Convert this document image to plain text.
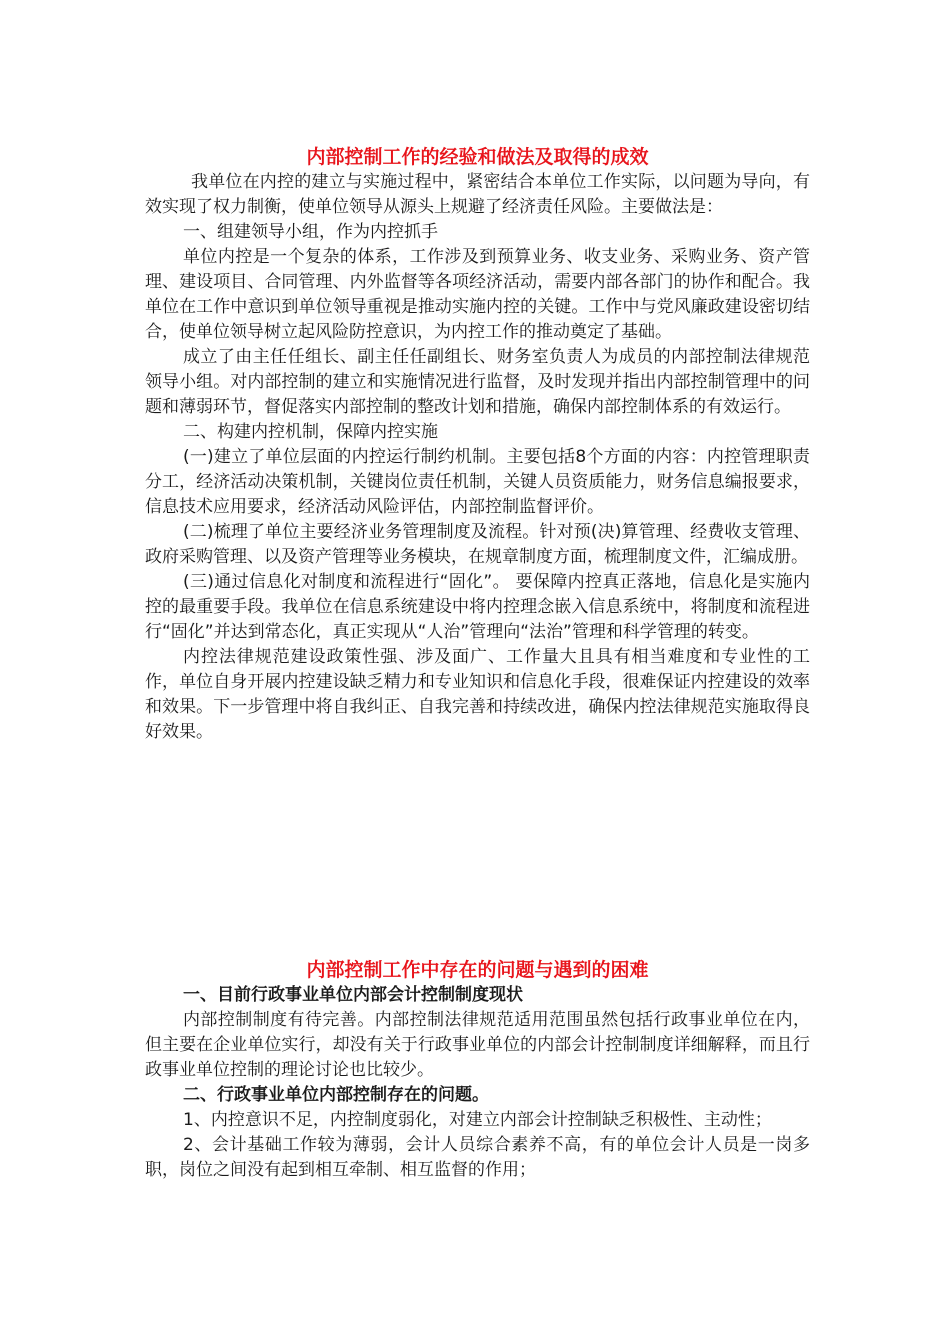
内部控制工作的经验和做法及取得的成效

我单位在内控的建立与实施过程中，紧密结合本单位工作实际，以问题为导向，有效实现了权力制衡，使单位领导从源头上规避了经济责任风险。主要做法是：

一、组建领导小组，作为内控抓手

单位内控是一个复杂的体系，工作涉及到预算业务、收支业务、采购业务、资产管理、建设项目、合同管理、内外监督等各项经济活动，需要内部各部门的协作和配合。我单位在工作中意识到单位领导重视是推动实施内控的关键。工作中与党风廉政建设密切结合，使单位领导树立起风险防控意识，为内控工作的推动奠定了基础。

成立了由主任任组长、副主任任副组长、财务室负责人为成员的内部控制法律规范领导小组。对内部控制的建立和实施情况进行监督，及时发现并指出内部控制管理中的问题和薄弱环节，督促落实内部控制的整改计划和措施，确保内部控制体系的有效运行。

二、构建内控机制，保障内控实施

(一)建立了单位层面的内控运行制约机制。主要包括8个方面的内容：内控管理职责分工，经济活动决策机制，关键岗位责任机制，关键人员资质能力，财务信息编报要求，信息技术应用要求，经济活动风险评估，内部控制监督评价。

(二)梳理了单位主要经济业务管理制度及流程。针对预(决)算管理、经费收支管理、政府采购管理、以及资产管理等业务模块，在规章制度方面，梳理制度文件，汇编成册。

(三)通过信息化对制度和流程进行“固化”。 要保障内控真正落地，信息化是实施内控的最重要手段。我单位在信息系统建设中将内控理念嵌入信息系统中，将制度和流程进行“固化”并达到常态化，真正实现从“人治”管理向“法治”管理和科学管理的转变。

内控法律规范建设政策性强、涉及面广、工作量大且具有相当难度和专业性的工作，单位自身开展内控建设缺乏精力和专业知识和信息化手段，很难保证内控建设的效率和效果。下一步管理中将自我纠正、自我完善和持续改进，确保内控法律规范实施取得良好效果。

内部控制工作中存在的问题与遇到的困难

一、目前行政事业单位内部会计控制制度现状

内部控制制度有待完善。内部控制法律规范适用范围虽然包括行政事业单位在内，但主要在企业单位实行，却没有关于行政事业单位的内部会计控制制度详细解释，而且行政事业单位控制的理论讨论也比较少。

二、行政事业单位内部控制存在的问题。

1、内控意识不足，内控制度弱化，对建立内部会计控制缺乏积极性、主动性；

2、会计基础工作较为薄弱，会计人员综合素养不高，有的单位会计人员是一岗多职，岗位之间没有起到相互牵制、相互监督的作用；
